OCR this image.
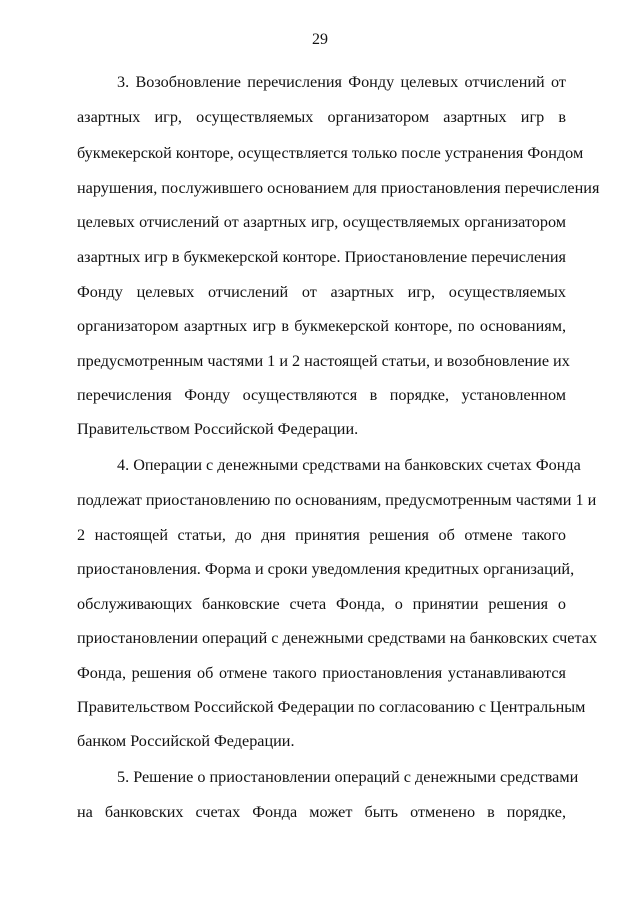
29
3. Возобновление перечисления Фонду целевых отчислений от
азартных игр, осуществляемых организатором азартных игр в
букмекерской конторе, осуществляется только после устранения Фондом
нарушения, послужившего основанием для приостановления перечисления
целевых отчислений от азартных игр, осуществляемых организатором
азартных игр в букмекерской конторе. Приостановление перечисления
Фонду целевых отчислений от азартных игр, осуществляемых
организатором азартных игр в букмекерской конторе, по основаниям,
предусмотренным частями 1 и 2 настоящей статьи, и возобновление их
перечисления Фонду осуществляются в порядке, установленном
Правительством Российской Федерации.
4. Операции с денежными средствами на банковских счетах Фонда
подлежат приостановлению по основаниям, предусмотренным частями 1 и
2 настоящей статьи, до дня принятия решения об отмене такого
приостановления. Форма и сроки уведомления кредитных организаций,
обслуживающих банковские счета Фонда, о принятии решения о
приостановлении операций с денежными средствами на банковских счетах
Фонда, решения об отмене такого приостановления устанавливаются
Правительством Российской Федерации по согласованию с Центральным
банком Российской Федерации.
5. Решение о приостановлении операций с денежными средствами
на банковских счетах Фонда может быть отменено в порядке,
